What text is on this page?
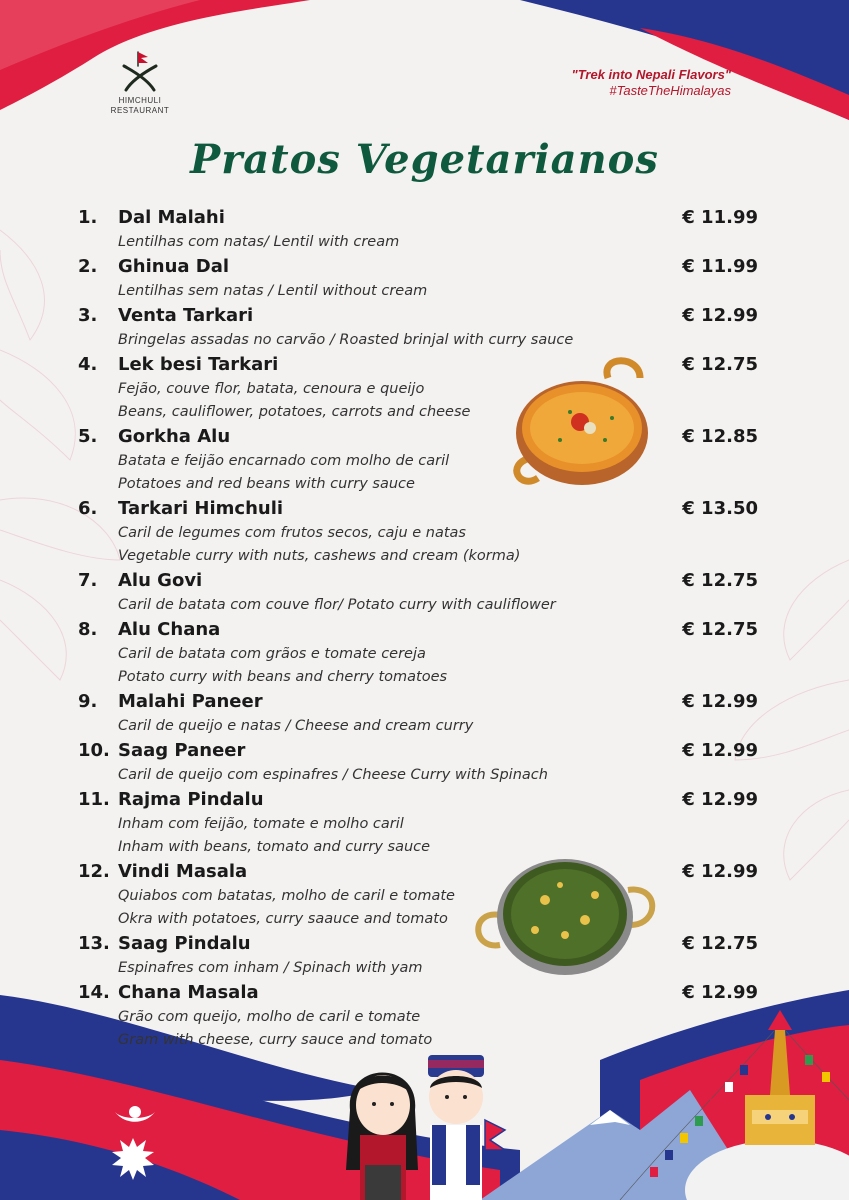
HIMCHULI
RESTAURANT
"Trek into Nepali Flavors"
#TasteTheHimalayas
Pratos Vegetarianos
1.	Dal Malahi	€ 11.99
Lentilhas com natas/ Lentil with cream
2.	Ghinua Dal	€ 11.99
Lentilhas sem natas / Lentil without cream
3.	Venta Tarkari	€ 12.99
Bringelas assadas no carvão / Roasted brinjal with curry sauce
4.	Lek besi Tarkari	€ 12.75
Fejão, couve flor, batata, cenoura e queijo
Beans, cauliflower, potatoes, carrots and cheese
5.	Gorkha Alu	€ 12.85
Batata e feijão encarnado com molho de caril
Potatoes and red beans with curry sauce
6.	Tarkari Himchuli	€ 13.50
Caril de legumes com frutos secos, caju e natas
Vegetable curry with nuts, cashews and cream (korma)
7.	Alu Govi	€ 12.75
Caril de batata com couve flor/ Potato curry with cauliflower
8.	Alu Chana	€ 12.75
Caril de batata com grãos e tomate cereja
Potato curry with beans and cherry tomatoes
9.	Malahi Paneer	€ 12.99
Caril de queijo e natas / Cheese and cream curry
10. Saag Paneer	€ 12.99
Caril de queijo com espinafres / Cheese Curry with Spinach
11. Rajma Pindalu	€ 12.99
Inham com feijão, tomate e molho caril
Inham with beans, tomato and curry sauce
12. Vindi Masala	€ 12.99
Quiabos com batatas, molho de caril e tomate
Okra with potatoes, curry saauce and tomato
13. Saag Pindalu	€ 12.75
Espinafres com inham / Spinach with yam
14. Chana Masala	€ 12.99
Grão com queijo, molho de caril e tomate
Gram with cheese, curry sauce and tomato
